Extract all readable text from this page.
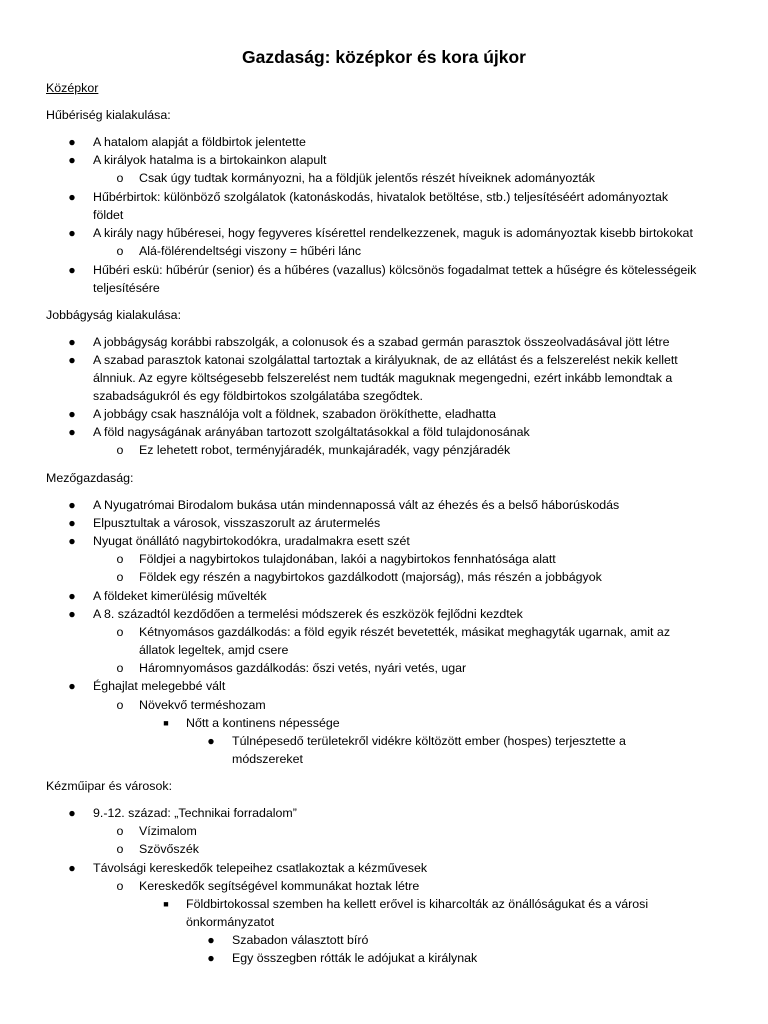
Gazdaság: középkor és kora újkor
Középkor
Hűbériség kialakulása:
● A hatalom alapját a földbirtok jelentette
● A királyok hatalma is a birtokainkon alapult
o Csak úgy tudtak kormányozni, ha a földjük jelentős részét híveiknek adományozták
● Hűbérbirtok: különböző szolgálatok (katonáskodás, hivatalok betöltése, stb.) teljesítéséért adományoztak
földet
● A király nagy hűbéresei, hogy fegyveres kísérettel rendelkezzenek, maguk is adományoztak kisebb birtokokat
o Alá-fölérendeltségi viszony = hűbéri lánc
● Hűbéri eskü: hűbérúr (senior) és a hűbéres (vazallus) kölcsönös fogadalmat tettek a hűségre és kötelességeik
teljesítésére
Jobbágyság kialakulása:
● A jobbágyság korábbi rabszolgák, a colonusok és a szabad germán parasztok összeolvadásával jött létre
● A szabad parasztok katonai szolgálattal tartoztak a királyuknak, de az ellátást és a felszerelést nekik kellett
álnniuk. Az egyre költségesebb felszerelést nem tudták maguknak megengedni, ezért inkább lemondtak a
szabadságukról és egy földbirtokos szolgálatába szegődtek.
● A jobbágy csak használója volt a földnek, szabadon örökíthette, eladhatta
● A föld nagyságának arányában tartozott szolgáltatásokkal a föld tulajdonosának
o Ez lehetett robot, terményjáradék, munkajáradék, vagy pénzjáradék
Mezőgazdaság:
● A Nyugatrómai Birodalom bukása után mindennapossá vált az éhezés és a belső háborúskodás
● Elpusztultak a városok, visszaszorult az árutermelés
● Nyugat önállátó nagybirtokodókra, uradalmakra esett szét
o Földjei a nagybirtokos tulajdonában, lakói a nagybirtokos fennhatósága alatt
o Földek egy részén a nagybirtokos gazdálkodott (majorság), más részén a jobbágyok
● A földeket kimerülésig művelték
● A 8. századtól kezdődően a termelési módszerek és eszközök fejlődni kezdtek
o Kétnyomásos gazdálkodás: a föld egyik részét bevetették, másikat meghagyták ugarnak, amit az
állatok legeltek, amjd csere
o Háromnyomásos gazdálkodás: őszi vetés, nyári vetés, ugar
● Éghajlat melegebbé vált
o Növekvő terméshozam
■ Nőtt a kontinens népessége
● Túlnépesedő területekről vidékre költözött ember (hospes) terjesztette a
módszereket
Kézműipar és városok:
● 9.-12. század: „Technikai forradalom”
o Vízimalom
o Szövőszék
● Távolsági kereskedők telepeihez csatlakoztak a kézművesek
o Kereskedők segítségével kommunákat hoztak létre
■ Földbirtokossal szemben ha kellett erővel is kiharcolták az önállóságukat és a városi
önkormányzatot
● Szabadon választott bíró
● Egy összegben rótták le adójukat a királynak
